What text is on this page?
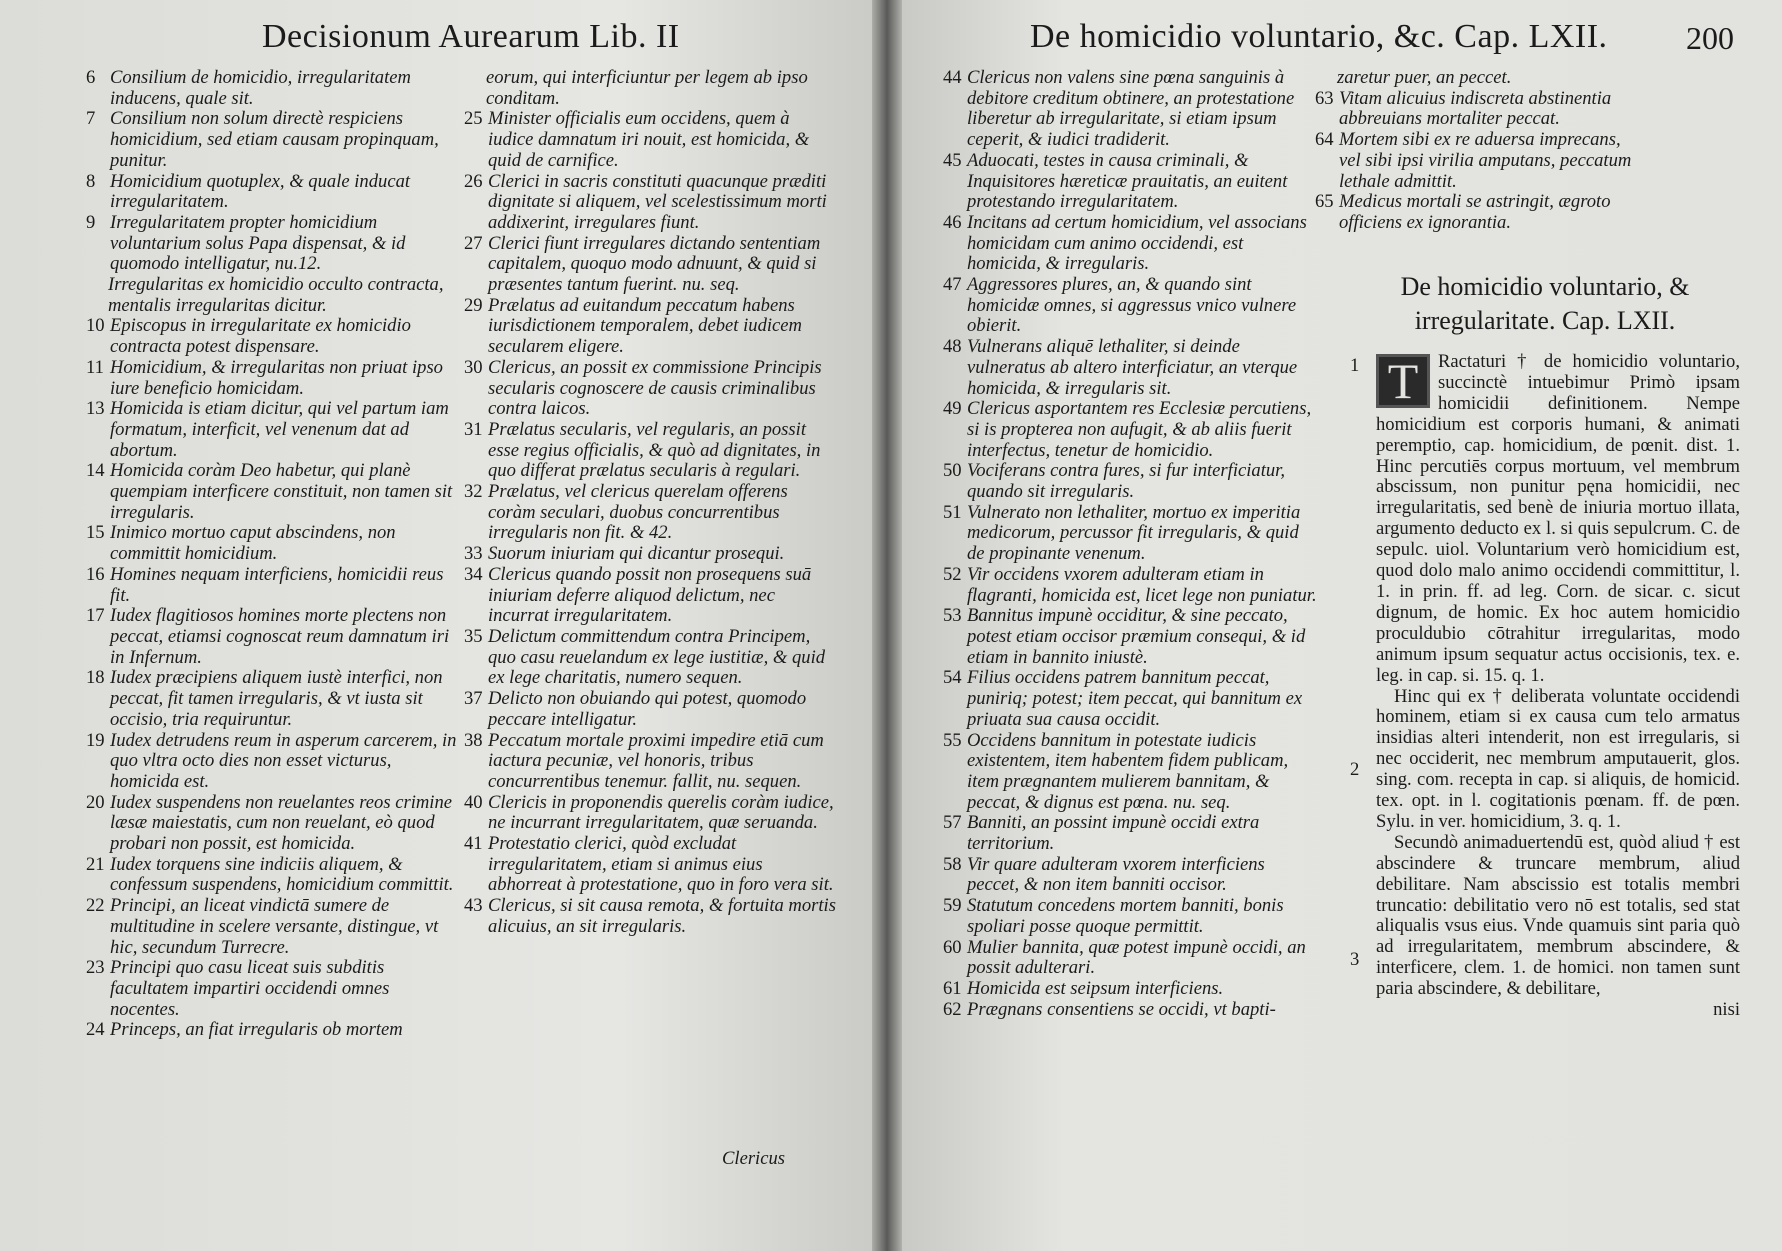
Decisionum Aurearum Lib. II
6 Consilium de homicidio, irregularitatem inducens, quale sit.
7 Consilium non solum directè respiciens homicidium, sed etiam causam propinquam, punitur.
8 Homicidium quotuplex, & quale inducat irregularitatem.
9 Irregularitatem propter homicidium voluntarium solus Papa dispensat, & id quomodo intelligatur, nu.12.
Irregularitas ex homicidio occulto contracta, mentalis irregularitas dicitur.
10 Episcopus in irregularitate ex homicidio contracta potest dispensare.
11 Homicidium, & irregularitas non priuat ipso iure beneficio homicidam.
13 Homicida is etiam dicitur, qui vel partum iam formatum, interficit, vel venenum dat ad abortum.
14 Homicida coràm Deo habetur, qui planè quempiam interficere constituit, non tamen sit irregularis.
15 Inimico mortuo caput abscindens, non committit homicidium.
16 Homines nequam interficiens, homicidii reus fit.
17 Iudex flagitiosos homines morte plectens non peccat, etiamsi cognoscat reum damnatum iri in Infernum.
18 Iudex præcipiens aliquem iustè interfici, non peccat, fit tamen irregularis, & vt iusta sit occisio, tria requiruntur.
19 Iudex detrudens reum in asperum carcerem, in quo vltra octo dies non esset victurus, homicida est.
20 Iudex suspendens non reuelantes reos crimine læsæ maiestatis, cum non reuelant, eò quod probari non possit, est homicida.
21 Iudex torquens sine indiciis aliquem, & confessum suspendens, homicidium committit.
22 Principi, an liceat vindictā sumere de multitudine in scelere versante, distingue, vt hic, secundum Turrecre.
23 Principi quo casu liceat suis subditis facultatem impartiri occidendi omnes nocentes.
24 Princeps, an fiat irregularis ob mortem
eorum, qui interficiuntur per legem ab ipso conditam.
25 Minister officialis eum occidens, quem à iudice damnatum iri nouit, est homicida, & quid de carnifice.
26 Clerici in sacris constituti quacunque præditi dignitate si aliquem, vel scelestissimum morti addixerint, irregulares fiunt.
27 Clerici fiunt irregulares dictando sententiam capitalem, quoquo modo adnuunt, & quid si præsentes tantum fuerint. nu. seq.
29 Prælatus ad euitandum peccatum habens iurisdictionem temporalem, debet iudicem secularem eligere.
30 Clericus, an possit ex commissione Principis secularis cognoscere de causis criminalibus contra laicos.
31 Prælatus secularis, vel regularis, an possit esse regius officialis, & quò ad dignitates, in quo differat prælatus secularis à regulari.
32 Prælatus, vel clericus querelam offerens coràm seculari, duobus concurrentibus irregularis non fit. & 42.
33 Suorum iniuriam qui dicantur prosequi.
34 Clericus quando possit non prosequens suā iniuriam deferre aliquod delictum, nec incurrat irregularitatem.
35 Delictum committendum contra Principem, quo casu reuelandum ex lege iustitiæ, & quid ex lege charitatis, numero sequen.
37 Delicto non obuiando qui potest, quomodo peccare intelligatur.
38 Peccatum mortale proximi impedire etiā cum iactura pecuniæ, vel honoris, tribus concurrentibus tenemur. fallit, nu. sequen.
40 Clericis in proponendis querelis coràm iudice, ne incurrant irregularitatem, quæ seruanda.
41 Protestatio clerici, quòd excludat irregularitatem, etiam si animus eius abhorreat à protestatione, quo in foro vera sit.
43 Clericus, si sit causa remota, & fortuita mortis alicuius, an sit irregularis.
Clericus
De homicidio voluntario, &c. Cap. LXII. 200
44 Clericus non valens sine pœna sanguinis à debitore creditum obtinere, an protestatione liberetur ab irregularitate, si etiam ipsum ceperit, & iudici tradiderit.
45 Aduocati, testes in causa criminali, & Inquisitores hæreticæ prauitatis, an euitent protestando irregularitatem.
46 Incitans ad certum homicidium, vel associans homicidam cum animo occidendi, est homicida, & irregularis.
47 Aggressores plures, an, & quando sint homicidæ omnes, si aggressus vnico vulnere obierit.
48 Vulnerans aliquē lethaliter, si deinde vulneratus ab altero interficiatur, an vterque homicida, & irregularis sit.
49 Clericus asportantem res Ecclesiæ percutiens, si is propterea non aufugit, & ab aliis fuerit interfectus, tenetur de homicidio.
50 Vociferans contra fures, si fur interficiatur, quando sit irregularis.
51 Vulnerato non lethaliter, mortuo ex imperitia medicorum, percussor fit irregularis, & quid de propinante venenum.
52 Vir occidens vxorem adulteram etiam in flagranti, homicida est, licet lege non puniatur.
53 Bannitus impunè occiditur, & sine peccato, potest etiam occisor præmium consequi, & id etiam in bannito iniustè.
54 Filius occidens patrem bannitum peccat, puniriq; potest; item peccat, qui bannitum ex priuata sua causa occidit.
55 Occidens bannitum in potestate iudicis existentem, item habentem fidem publicam, item prægnantem mulierem bannitam, & peccat, & dignus est pœna. nu. seq.
57 Banniti, an possint impunè occidi extra territorium.
58 Vir quare adulteram vxorem interficiens peccet, & non item banniti occisor.
59 Statutum concedens mortem banniti, bonis spoliari posse quoque permittit.
60 Mulier bannita, quæ potest impunè occidi, an possit adulterari.
61 Homicida est seipsum interficiens.
62 Prægnans consentiens se occidi, vt bapti-
zaretur puer, an peccet.
63 Vitam alicuius indiscreta abstinentia abbreuians mortaliter peccat.
64 Mortem sibi ex re aduersa imprecans, vel sibi ipsi virilia amputans, peccatum lethale admittit.
65 Medicus mortali se astringit, ægroto officiens ex ignorantia.
De homicidio voluntario, & irregularitate. Cap. LXII.
1
2
3

T	Ractaturi † de homicidio voluntario, succinctè intuebimur Primò ipsam homicidii definitionem. Nempe homicidium est corporis humani, & animati peremptio, cap. homicidium, de pœnit. dist. 1. Hinc percutiēs corpus mortuum, vel membrum abscissum, non punitur pęna homicidii, nec irregularitatis, sed benè de iniuria mortuo illata, argumento deducto ex l. si quis sepulcrum. C. de sepulc. uiol. Voluntarium verò homicidium est, quod dolo malo animo occidendi committitur, l. 1. in prin. ff. ad leg. Corn. de sicar. c. sicut dignum, de homic. Ex hoc autem homicidio proculdubio cōtrahitur irregularitas, modo animum ipsum sequatur actus occisionis, tex. e. leg. in cap. si. 15. q. 1.

Hinc qui ex † deliberata voluntate occidendi hominem, etiam si ex causa cum telo armatus insidias alteri intenderit, non est irregularis, si nec occiderit, nec membrum amputauerit, glos. sing. com. recepta in cap. si aliquis, de homicid. tex. opt. in l. cogitationis pœnam. ff. de pœn. Sylu. in ver. homicidium, 3. q. 1.

Secundò animaduertendū est, quòd aliud † est abscindere & truncare membrum, aliud debilitare. Nam abscissio est totalis membri truncatio: debilitatio vero nō est totalis, sed stat aliqualis vsus eius. Vnde quamuis sint paria quò ad irregularitatem, membrum abscindere, & interficere, clem. 1. de homici. non tamen sunt paria abscindere, & debilitare,

nisi
